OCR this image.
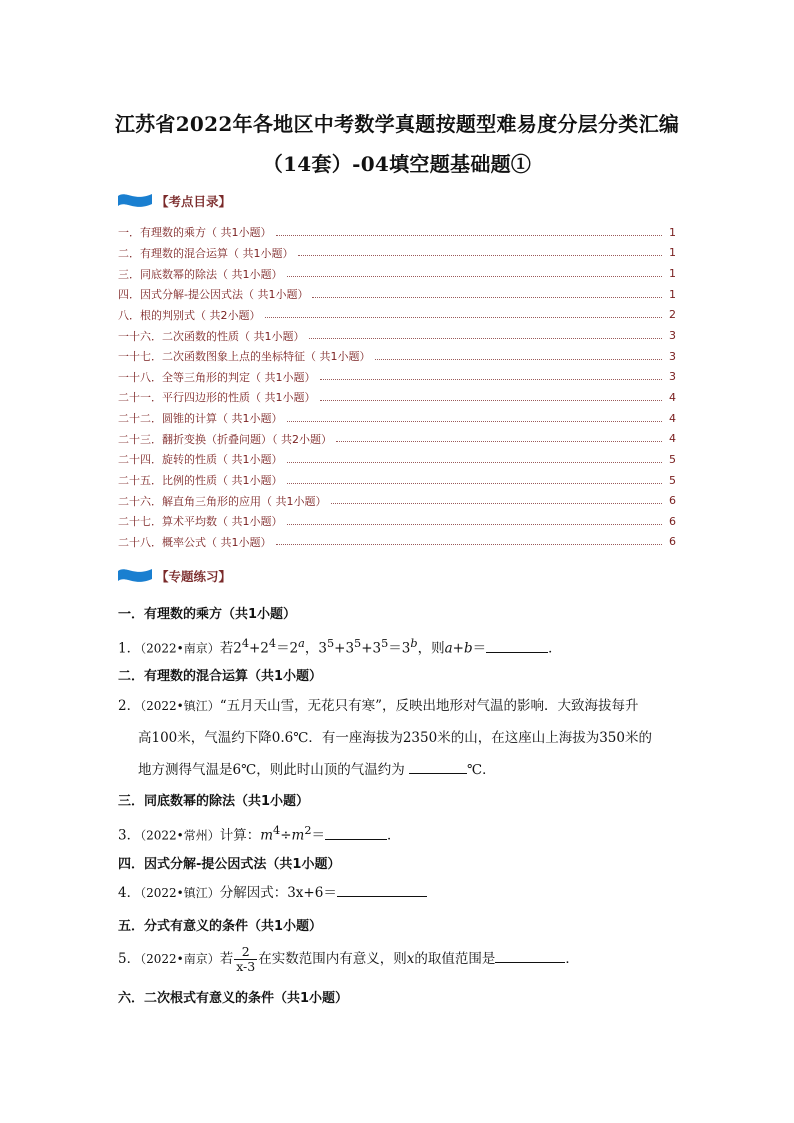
江苏省2022年各地区中考数学真题按题型难易度分层分类汇编
（14套）-04填空题基础题①
【考点目录】
一．有理数的乘方（ 共1小题）	1
二．有理数的混合运算（ 共1小题）	1
三．同底数幂的除法（ 共1小题）	1
四．因式分解-提公因式法（ 共1小题）	1
八．根的判别式（ 共2小题）	2
一十六．二次函数的性质（ 共1小题）	3
一十七．二次函数图象上点的坐标特征（ 共1小题）	3
一十八．全等三角形的判定（ 共1小题）	3
二十一．平行四边形的性质（ 共1小题）	4
二十二．圆锥的计算（ 共1小题）	4
二十三．翻折变换（折叠问题）（ 共2小题）	4
二十四．旋转的性质（ 共1小题）	5
二十五．比例的性质（ 共1小题）	5
二十六．解直角三角形的应用（ 共1小题）	6
二十七．算术平均数（ 共1小题）	6
二十八．概率公式（ 共1小题）	6
【专题练习】
一．有理数的乘方（共1小题）
1．（2022•南京）若$2^4+2^4=2^a$，$3^5+3^5+3^5=3^b$，则a+b＝	．
二．有理数的混合运算（共1小题）
2．（2022•镇江）“五月天山雪，无花只有寒”，反映出地形对气温的影响．大致海拔每升
高100米，气温约下降0.6℃．有一座海拔为2350米的山，在这座山上海拔为350米的
地方测得气温是6℃，则此时山顶的气温约为	℃．
三．同底数幂的除法（共1小题）
3．（2022•常州）计算：$m^4\div m^2=$	．
四．因式分解-提公因式法（共1小题）
4．（2022•镇江）分解因式：3x+6＝
五．分式有意义的条件（共1小题）
5．（2022•南京）若 $\frac{2}{x-3}$ 在实数范围内有意义，则x的取值范围是	．
六．二次根式有意义的条件（共1小题）
